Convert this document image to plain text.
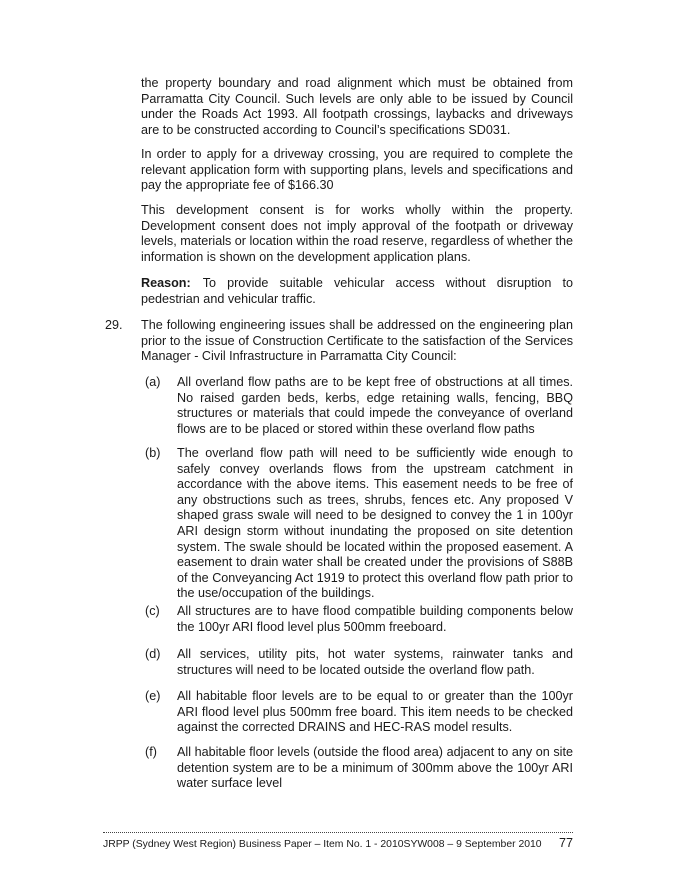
the property boundary and road alignment which must be obtained from Parramatta City Council. Such levels are only able to be issued by Council under the Roads Act 1993. All footpath crossings, laybacks and driveways are to be constructed according to Council’s specifications SD031.

In order to apply for a driveway crossing, you are required to complete the relevant application form with supporting plans, levels and specifications and pay the appropriate fee of $166.30

This development consent is for works wholly within the property. Development consent does not imply approval of the footpath or driveway levels, materials or location within the road reserve, regardless of whether the information is shown on the development application plans.

Reason: To provide suitable vehicular access without disruption to pedestrian and vehicular traffic.

29. The following engineering issues shall be addressed on the engineering plan prior to the issue of Construction Certificate to the satisfaction of the Services Manager - Civil Infrastructure in Parramatta City Council:

(a) All overland flow paths are to be kept free of obstructions at all times. No raised garden beds, kerbs, edge retaining walls, fencing, BBQ structures or materials that could impede the conveyance of overland flows are to be placed or stored within these overland flow paths

(b) The overland flow path will need to be sufficiently wide enough to safely convey overlands flows from the upstream catchment in accordance with the above items. This easement needs to be free of any obstructions such as trees, shrubs, fences etc. Any proposed V shaped grass swale will need to be designed to convey the 1 in 100yr ARI design storm without inundating the proposed on site detention system. The swale should be located within the proposed easement. A easement to drain water shall be created under the provisions of S88B of the Conveyancing Act 1919 to protect this overland flow path prior to the use/occupation of the buildings.

(c) All structures are to have flood compatible building components below the 100yr ARI flood level plus 500mm freeboard.

(d) All services, utility pits, hot water systems, rainwater tanks and structures will need to be located outside the overland flow path.

(e) All habitable floor levels are to be equal to or greater than the 100yr ARI flood level plus 500mm free board. This item needs to be checked against the corrected DRAINS and HEC-RAS model results.

(f) All habitable floor levels (outside the flood area) adjacent to any on site detention system are to be a minimum of 300mm above the 100yr ARI water surface level

JRPP (Sydney West Region) Business Paper – Item No. 1 - 2010SYW008 – 9 September 2010	77
